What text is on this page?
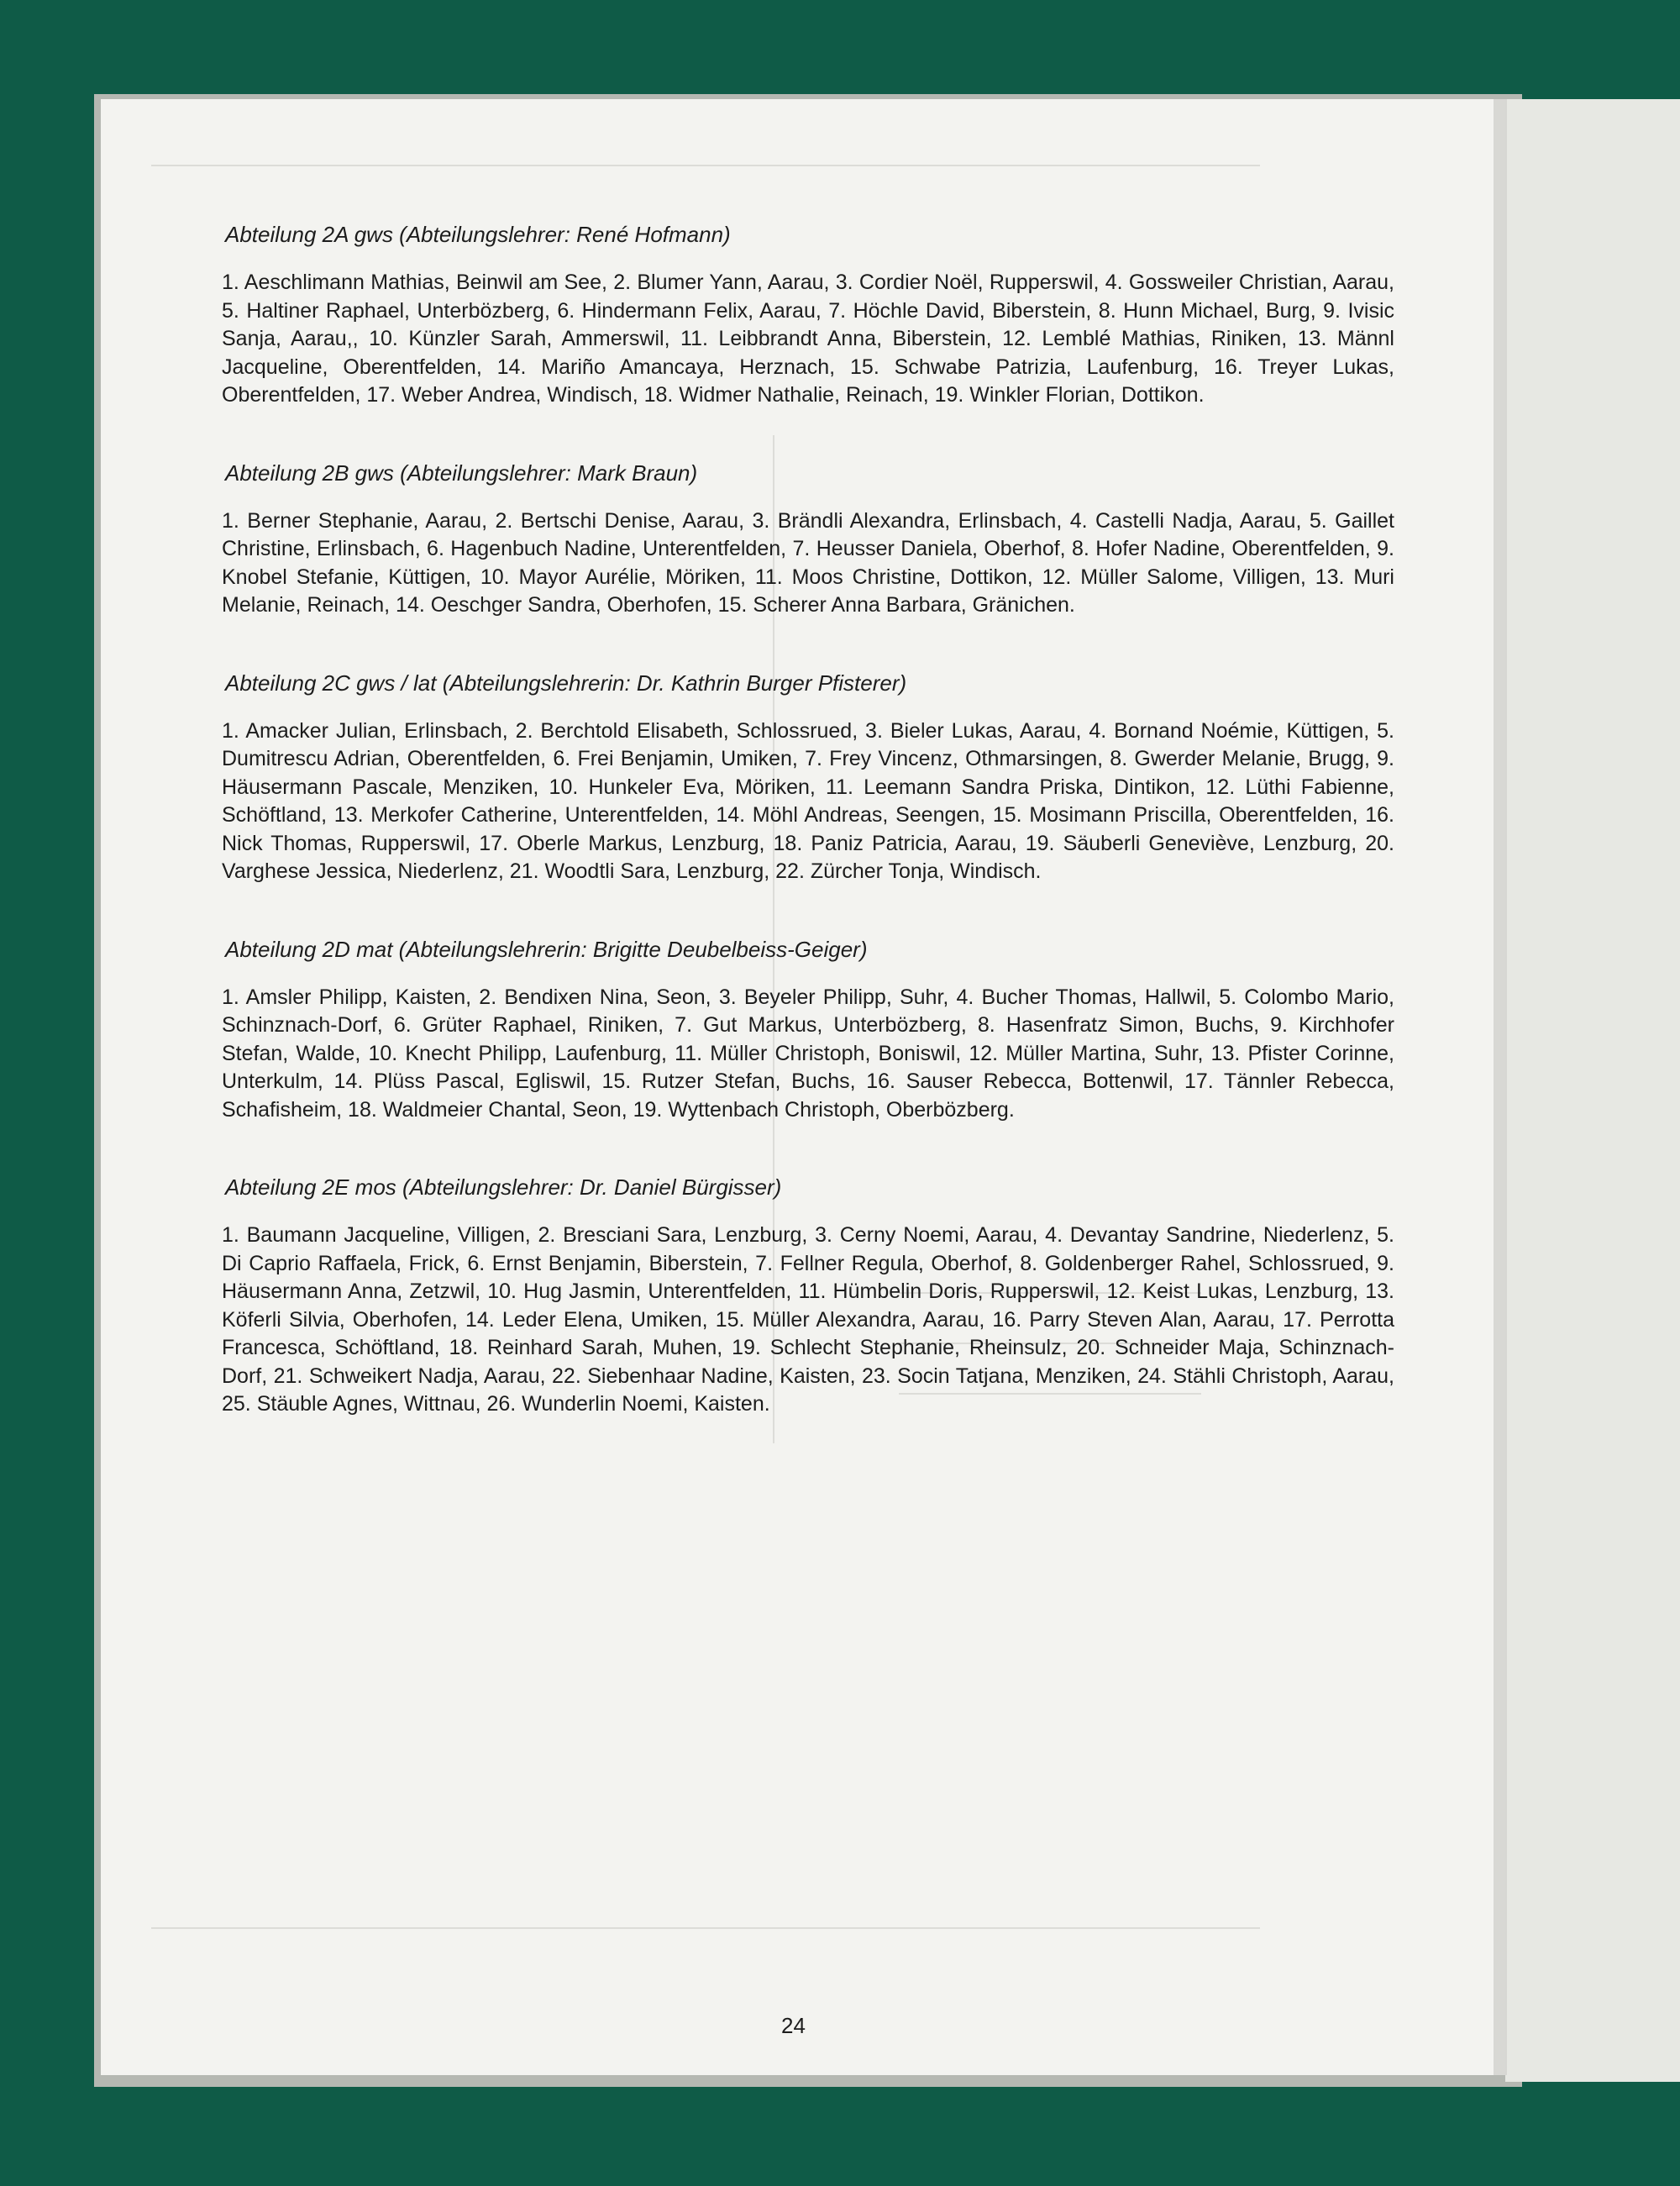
Abteilung 2A gws (Abteilungslehrer: René Hofmann)

1. Aeschlimann Mathias, Beinwil am See, 2. Blumer Yann, Aarau, 3. Cordier Noël, Rupperswil, 4. Gossweiler Christian, Aarau, 5. Haltiner Raphael, Unterbözberg, 6. Hindermann Felix, Aarau, 7. Höchle David, Biberstein, 8. Hunn Michael, Burg, 9. Ivisic Sanja, Aarau,, 10. Künzler Sarah, Ammerswil, 11. Leibbrandt Anna, Biberstein, 12. Lemblé Mathias, Riniken, 13. Männl Jacqueline, Oberentfelden, 14. Mariño Amancaya, Herznach, 15. Schwabe Patrizia, Laufenburg, 16. Treyer Lukas, Oberentfelden, 17. Weber Andrea, Windisch, 18. Widmer Nathalie, Reinach, 19. Winkler Florian, Dottikon.

Abteilung 2B gws (Abteilungslehrer: Mark Braun)

1. Berner Stephanie, Aarau, 2. Bertschi Denise, Aarau, 3. Brändli Alexandra, Erlinsbach, 4. Castelli Nadja, Aarau, 5. Gaillet Christine, Erlinsbach, 6. Hagenbuch Nadine, Unterentfelden, 7. Heusser Daniela, Oberhof, 8. Hofer Nadine, Oberentfelden, 9. Knobel Stefanie, Küttigen, 10. Mayor Aurélie, Möriken, 11. Moos Christine, Dottikon, 12. Müller Salome, Villigen, 13. Muri Melanie, Reinach, 14. Oeschger Sandra, Oberhofen, 15. Scherer Anna Barbara, Gränichen.

Abteilung 2C gws / lat (Abteilungslehrerin: Dr. Kathrin Burger Pfisterer)

1. Amacker Julian, Erlinsbach, 2. Berchtold Elisabeth, Schlossrued, 3. Bieler Lukas, Aarau, 4. Bornand Noémie, Küttigen, 5. Dumitrescu Adrian, Oberentfelden, 6. Frei Benjamin, Umiken, 7. Frey Vincenz, Othmarsingen, 8. Gwerder Melanie, Brugg, 9. Häusermann Pascale, Menziken, 10. Hunkeler Eva, Möriken, 11. Leemann Sandra Priska, Dintikon, 12. Lüthi Fabienne, Schöftland, 13. Merkofer Catherine, Unterentfelden, 14. Möhl Andreas, Seengen, 15. Mosimann Priscilla, Oberentfelden, 16. Nick Thomas, Rupperswil, 17. Oberle Markus, Lenzburg, 18. Paniz Patricia, Aarau, 19. Säuberli Geneviève, Lenzburg, 20. Varghese Jessica, Niederlenz, 21. Woodtli Sara, Lenzburg, 22. Zürcher Tonja, Windisch.

Abteilung 2D mat (Abteilungslehrerin: Brigitte Deubelbeiss-Geiger)

1. Amsler Philipp, Kaisten, 2. Bendixen Nina, Seon, 3. Beyeler Philipp, Suhr, 4. Bucher Thomas, Hallwil, 5. Colombo Mario, Schinznach-Dorf, 6. Grüter Raphael, Riniken, 7. Gut Markus, Unterbözberg, 8. Hasenfratz Simon, Buchs, 9. Kirchhofer Stefan, Walde, 10. Knecht Philipp, Laufenburg, 11. Müller Christoph, Boniswil, 12. Müller Martina, Suhr, 13. Pfister Corinne, Unterkulm, 14. Plüss Pascal, Egliswil, 15. Rutzer Stefan, Buchs, 16. Sauser Rebecca, Bottenwil, 17. Tännler Rebecca, Schafisheim, 18. Waldmeier Chantal, Seon, 19. Wyttenbach Christoph, Oberbözberg.

Abteilung 2E mos (Abteilungslehrer: Dr. Daniel Bürgisser)

1. Baumann Jacqueline, Villigen, 2. Bresciani Sara, Lenzburg, 3. Cerny Noemi, Aarau, 4. Devantay Sandrine, Niederlenz, 5. Di Caprio Raffaela, Frick, 6. Ernst Benjamin, Biberstein, 7. Fellner Regula, Oberhof, 8. Goldenberger Rahel, Schlossrued, 9. Häusermann Anna, Zetzwil, 10. Hug Jasmin, Unterentfelden, 11. Hümbelin Doris, Rupperswil, 12. Keist Lukas, Lenzburg, 13. Köferli Silvia, Oberhofen, 14. Leder Elena, Umiken, 15. Müller Alexandra, Aarau, 16. Parry Steven Alan, Aarau, 17. Perrotta Francesca, Schöftland, 18. Reinhard Sarah, Muhen, 19. Schlecht Stephanie, Rheinsulz, 20. Schneider Maja, Schinznach-Dorf, 21. Schweikert Nadja, Aarau, 22. Siebenhaar Nadine, Kaisten, 23. Socin Tatjana, Menziken, 24. Stähli Christoph, Aarau, 25. Stäuble Agnes, Wittnau, 26. Wunderlin Noemi, Kaisten.

24
